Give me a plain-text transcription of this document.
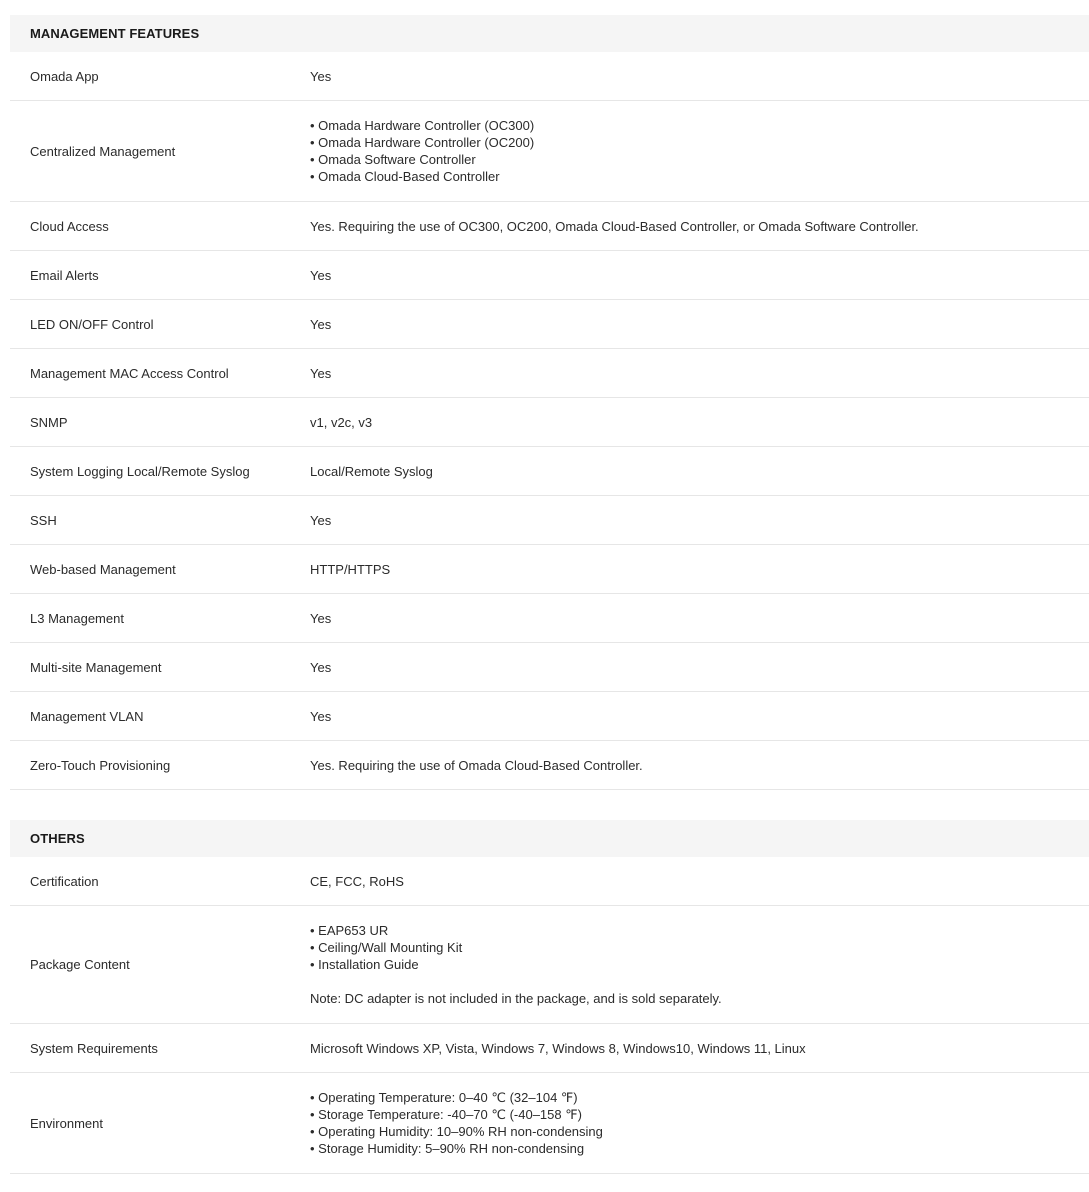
MANAGEMENT FEATURES
Omada App	Yes
Centralized Management
• Omada Hardware Controller (OC300)
• Omada Hardware Controller (OC200)
• Omada Software Controller
• Omada Cloud-Based Controller
Cloud Access	Yes. Requiring the use of OC300, OC200, Omada Cloud-Based Controller, or Omada Software Controller.
Email Alerts	Yes
LED ON/OFF Control	Yes
Management MAC Access Control	Yes
SNMP	v1, v2c, v3
System Logging Local/Remote Syslog	Local/Remote Syslog
SSH	Yes
Web-based Management	HTTP/HTTPS
L3 Management	Yes
Multi-site Management	Yes
Management VLAN	Yes
Zero-Touch Provisioning	Yes. Requiring the use of Omada Cloud-Based Controller.
OTHERS
Certification	CE, FCC, RoHS
Package Content
• EAP653 UR
• Ceiling/Wall Mounting Kit
• Installation Guide
Note: DC adapter is not included in the package, and is sold separately.
System Requirements	Microsoft Windows XP, Vista, Windows 7, Windows 8, Windows10, Windows 11, Linux
Environment
• Operating Temperature: 0–40 ℃ (32–104 ℉)
• Storage Temperature: -40–70 ℃ (-40–158 ℉)
• Operating Humidity: 10–90% RH non-condensing
• Storage Humidity: 5–90% RH non-condensing
